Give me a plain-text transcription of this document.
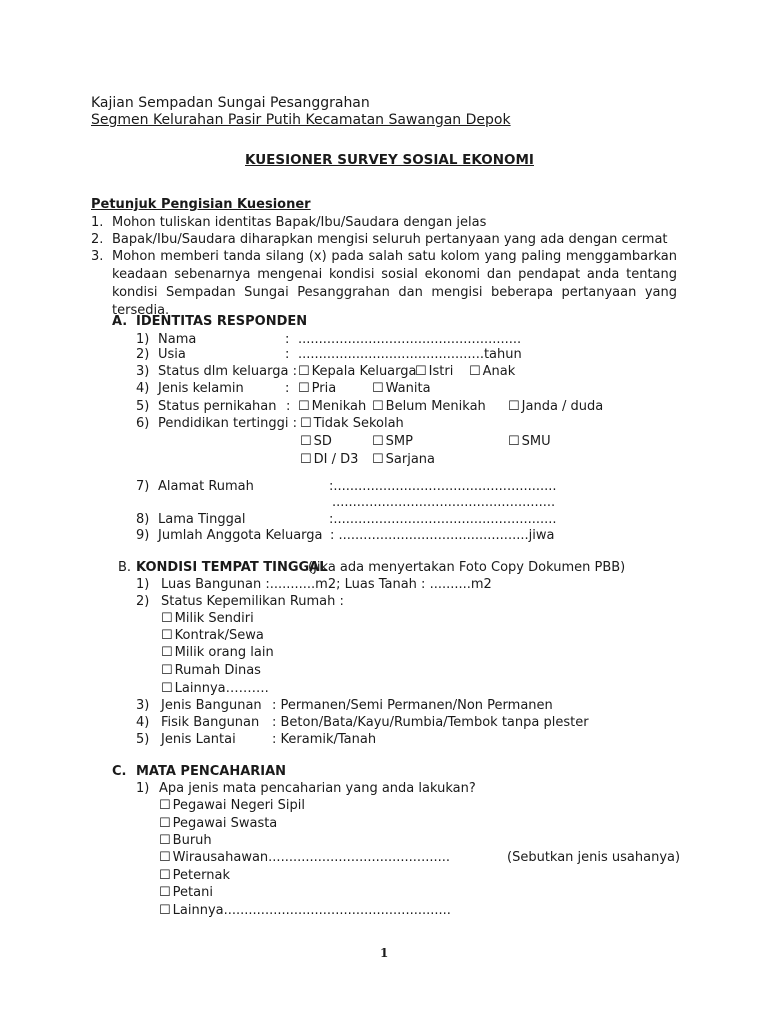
Kajian Sempadan Sungai Pesanggrahan
Segmen Kelurahan Pasir Putih Kecamatan Sawangan Depok
KUESIONER SURVEY SOSIAL EKONOMI
Petunjuk Pengisian Kuesioner
1. Mohon tuliskan identitas Bapak/Ibu/Saudara dengan jelas
2. Bapak/Ibu/Saudara diharapkan mengisi seluruh pertanyaan yang ada dengan cermat
3. Mohon memberi tanda silang (x) pada salah satu kolom yang paling menggambarkan keadaan sebenarnya mengenai kondisi sosial ekonomi dan pendapat anda tentang kondisi Sempadan Sungai Pesanggrahan dan mengisi beberapa pertanyaan yang tersedia.
A. IDENTITAS RESPONDEN
1) Nama	: ......................................................
2) Usia	: .............................................tahun
3) Status dlm keluarga :	☐ Kepala Keluarga ☐ Istri	☐ Anak
4) Jenis kelamin	:	☐ Pria	☐ Wanita
5) Status pernikahan :	☐ Menikah	☐ Belum Menikah	☐ Janda / duda
6) Pendidikan tertinggi :	☐ Tidak Sekolah
☐ SD	☐ SMP	☐ SMU
☐ DI / D3	☐ Sarjana
7) Alamat Rumah	:......................................................
......................................................
8) Lama Tinggal	:......................................................
9) Jumlah Anggota Keluarga : ..............................................jiwa
B. KONDISI TEMPAT TINGGAL
(Jika ada menyertakan Foto Copy Dokumen PBB)
1) Luas Bangunan :...........m2; Luas Tanah : ..........m2
2) Status Kepemilikan Rumah :
☐ Milik Sendiri
☐ Kontrak/Sewa
☐ Milik orang lain
☐ Rumah Dinas
☐ Lainnya……….
3) Jenis Bangunan : Permanen/Semi Permanen/Non Permanen
4) Fisik Bangunan : Beton/Bata/Kayu/Rumbia/Tembok tanpa plester
5) Jenis Lantai	: Keramik/Tanah
C. MATA PENCAHARIAN
1) Apa jenis mata pencaharian yang anda lakukan?
☐ Pegawai Negeri Sipil
☐ Pegawai Swasta
☐ Buruh
☐ Wirausahawan............................................	(Sebutkan jenis usahanya)
☐ Peternak
☐ Petani
☐ Lainnya.......................................................
1
